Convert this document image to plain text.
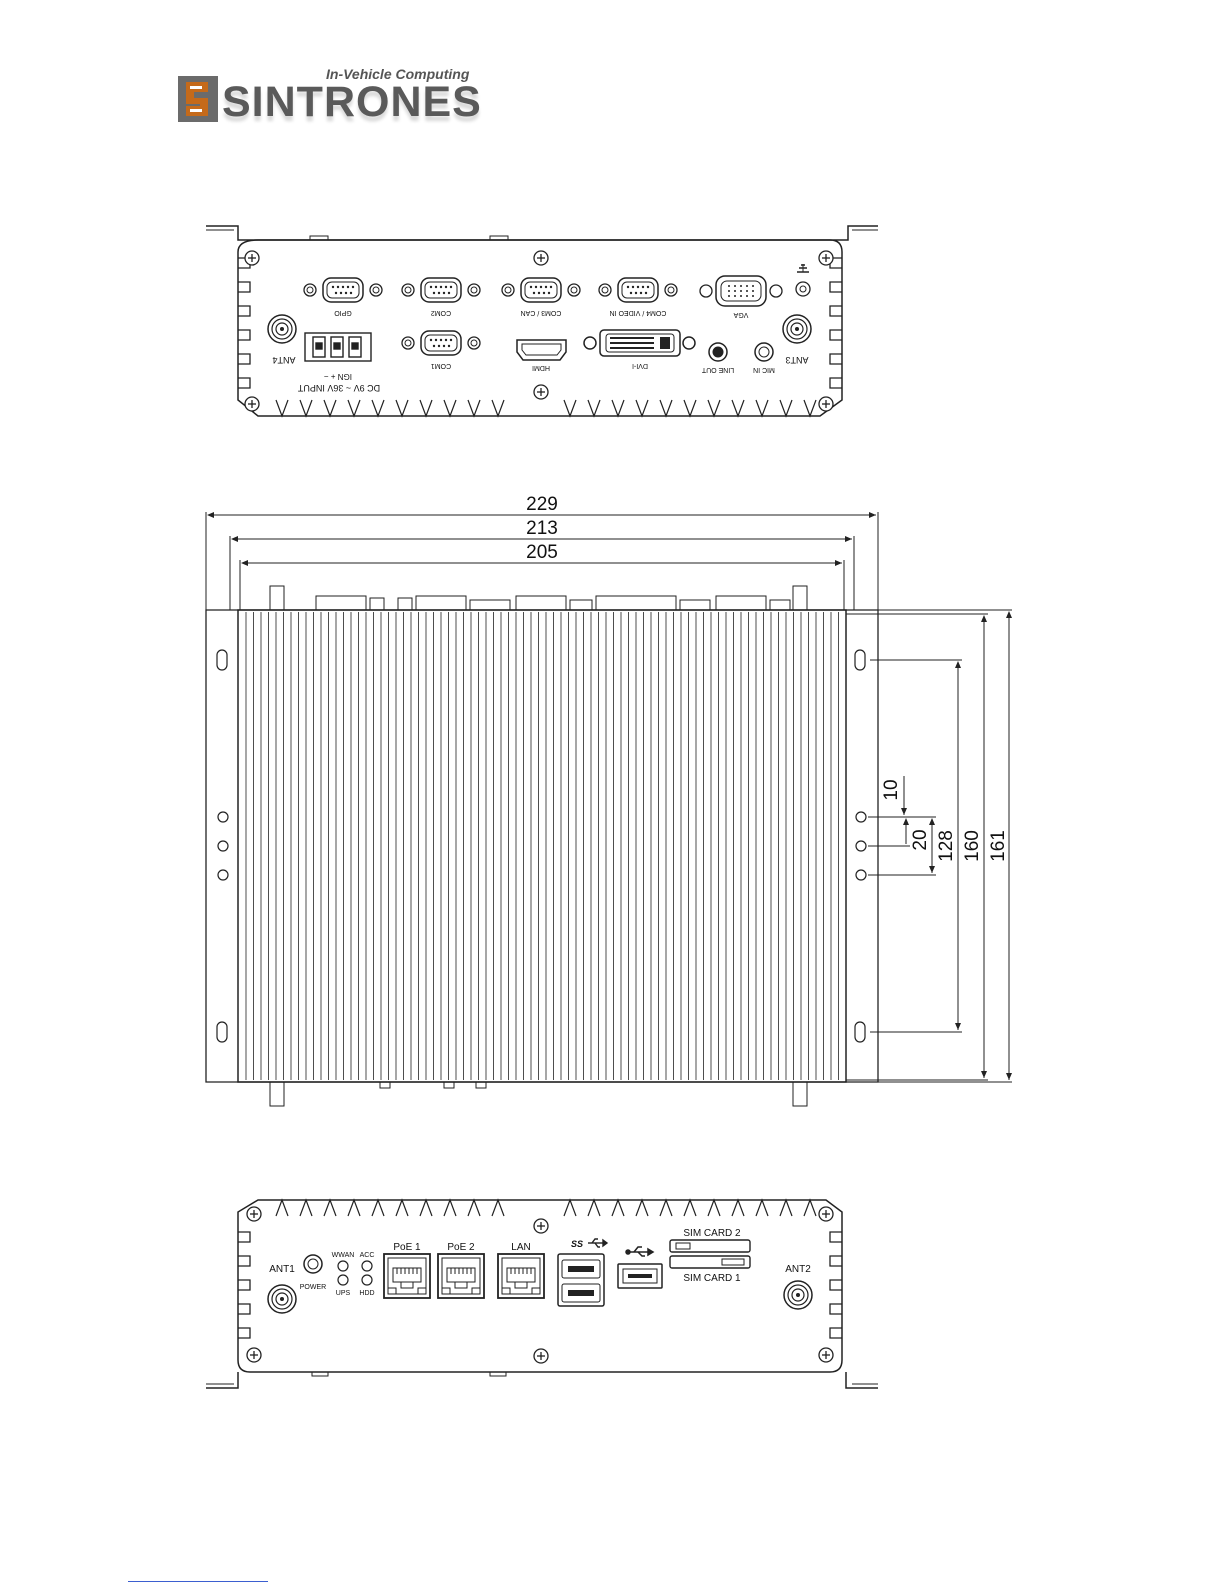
In-Vehicle Computing
SINTRONES
GPIO	COM2	COM3 / CAN	COM4 / VIDEO IN	VGA
COM1	HDMI	DVI-I
LINE OUT	MIC IN
ANT3
ANT4
IGN + −
DC 9V ~ 36V INPUT
229
213
205
10
20 128 160 161
ANT1	ANT2
POWER
WWAN ACC
UPS HDD
PoE 1	PoE 2	LAN	SS
SIM CARD 2
SIM CARD 1
